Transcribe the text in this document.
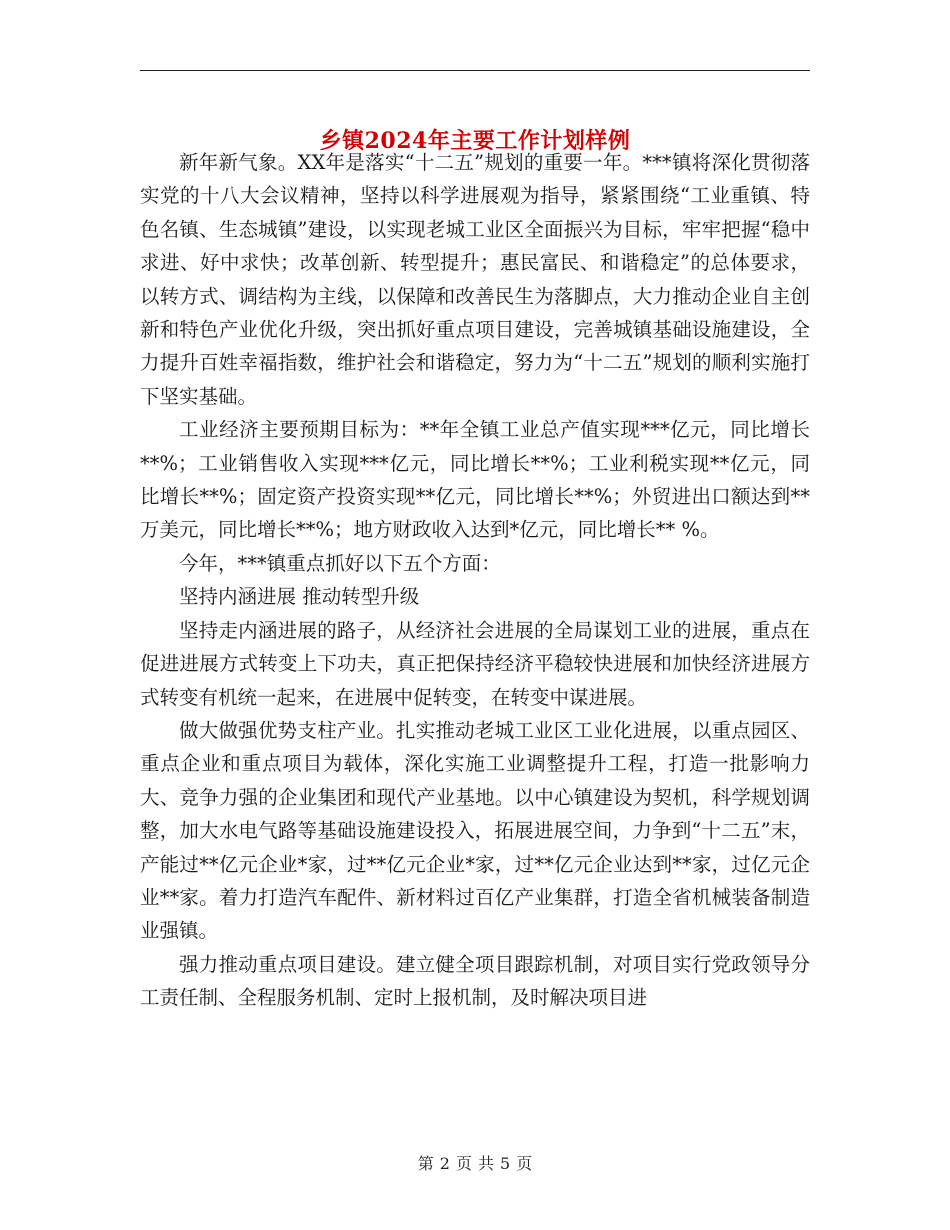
乡镇2024年主要工作计划样例

新年新气象。XX年是落实“十二五”规划的重要一年。***镇将深化贯彻落实党的十八大会议精神，坚持以科学进展观为指导，紧紧围绕“工业重镇、特色名镇、生态城镇”建设，以实现老城工业区全面振兴为目标，牢牢把握“稳中求进、好中求快；改革创新、转型提升；惠民富民、和谐稳定”的总体要求，以转方式、调结构为主线，以保障和改善民生为落脚点，大力推动企业自主创新和特色产业优化升级，突出抓好重点项目建设，完善城镇基础设施建设，全力提升百姓幸福指数，维护社会和谐稳定，努力为“十二五”规划的顺利实施打下坚实基础。

工业经济主要预期目标为：**年全镇工业总产值实现***亿元，同比增长**%；工业销售收入实现***亿元，同比增长**%；工业利税实现**亿元，同比增长**%；固定资产投资实现**亿元，同比增长**%；外贸进出口额达到**万美元，同比增长**%；地方财政收入达到*亿元，同比增长** %。

今年，***镇重点抓好以下五个方面：

坚持内涵进展 推动转型升级

坚持走内涵进展的路子，从经济社会进展的全局谋划工业的进展，重点在促进进展方式转变上下功夫，真正把保持经济平稳较快进展和加快经济进展方式转变有机统一起来，在进展中促转变，在转变中谋进展。

做大做强优势支柱产业。扎实推动老城工业区工业化进展，以重点园区、重点企业和重点项目为载体，深化实施工业调整提升工程，打造一批影响力大、竞争力强的企业集团和现代产业基地。以中心镇建设为契机，科学规划调整，加大水电气路等基础设施建设投入，拓展进展空间，力争到“十二五”末，产能过**亿元企业*家，过**亿元企业*家，过**亿元企业达到**家，过亿元企业**家。着力打造汽车配件、新材料过百亿产业集群，打造全省机械装备制造业强镇。

强力推动重点项目建设。建立健全项目跟踪机制，对项目实行党政领导分工责任制、全程服务机制、定时上报机制，及时解决项目进

第 2 页 共 5 页
